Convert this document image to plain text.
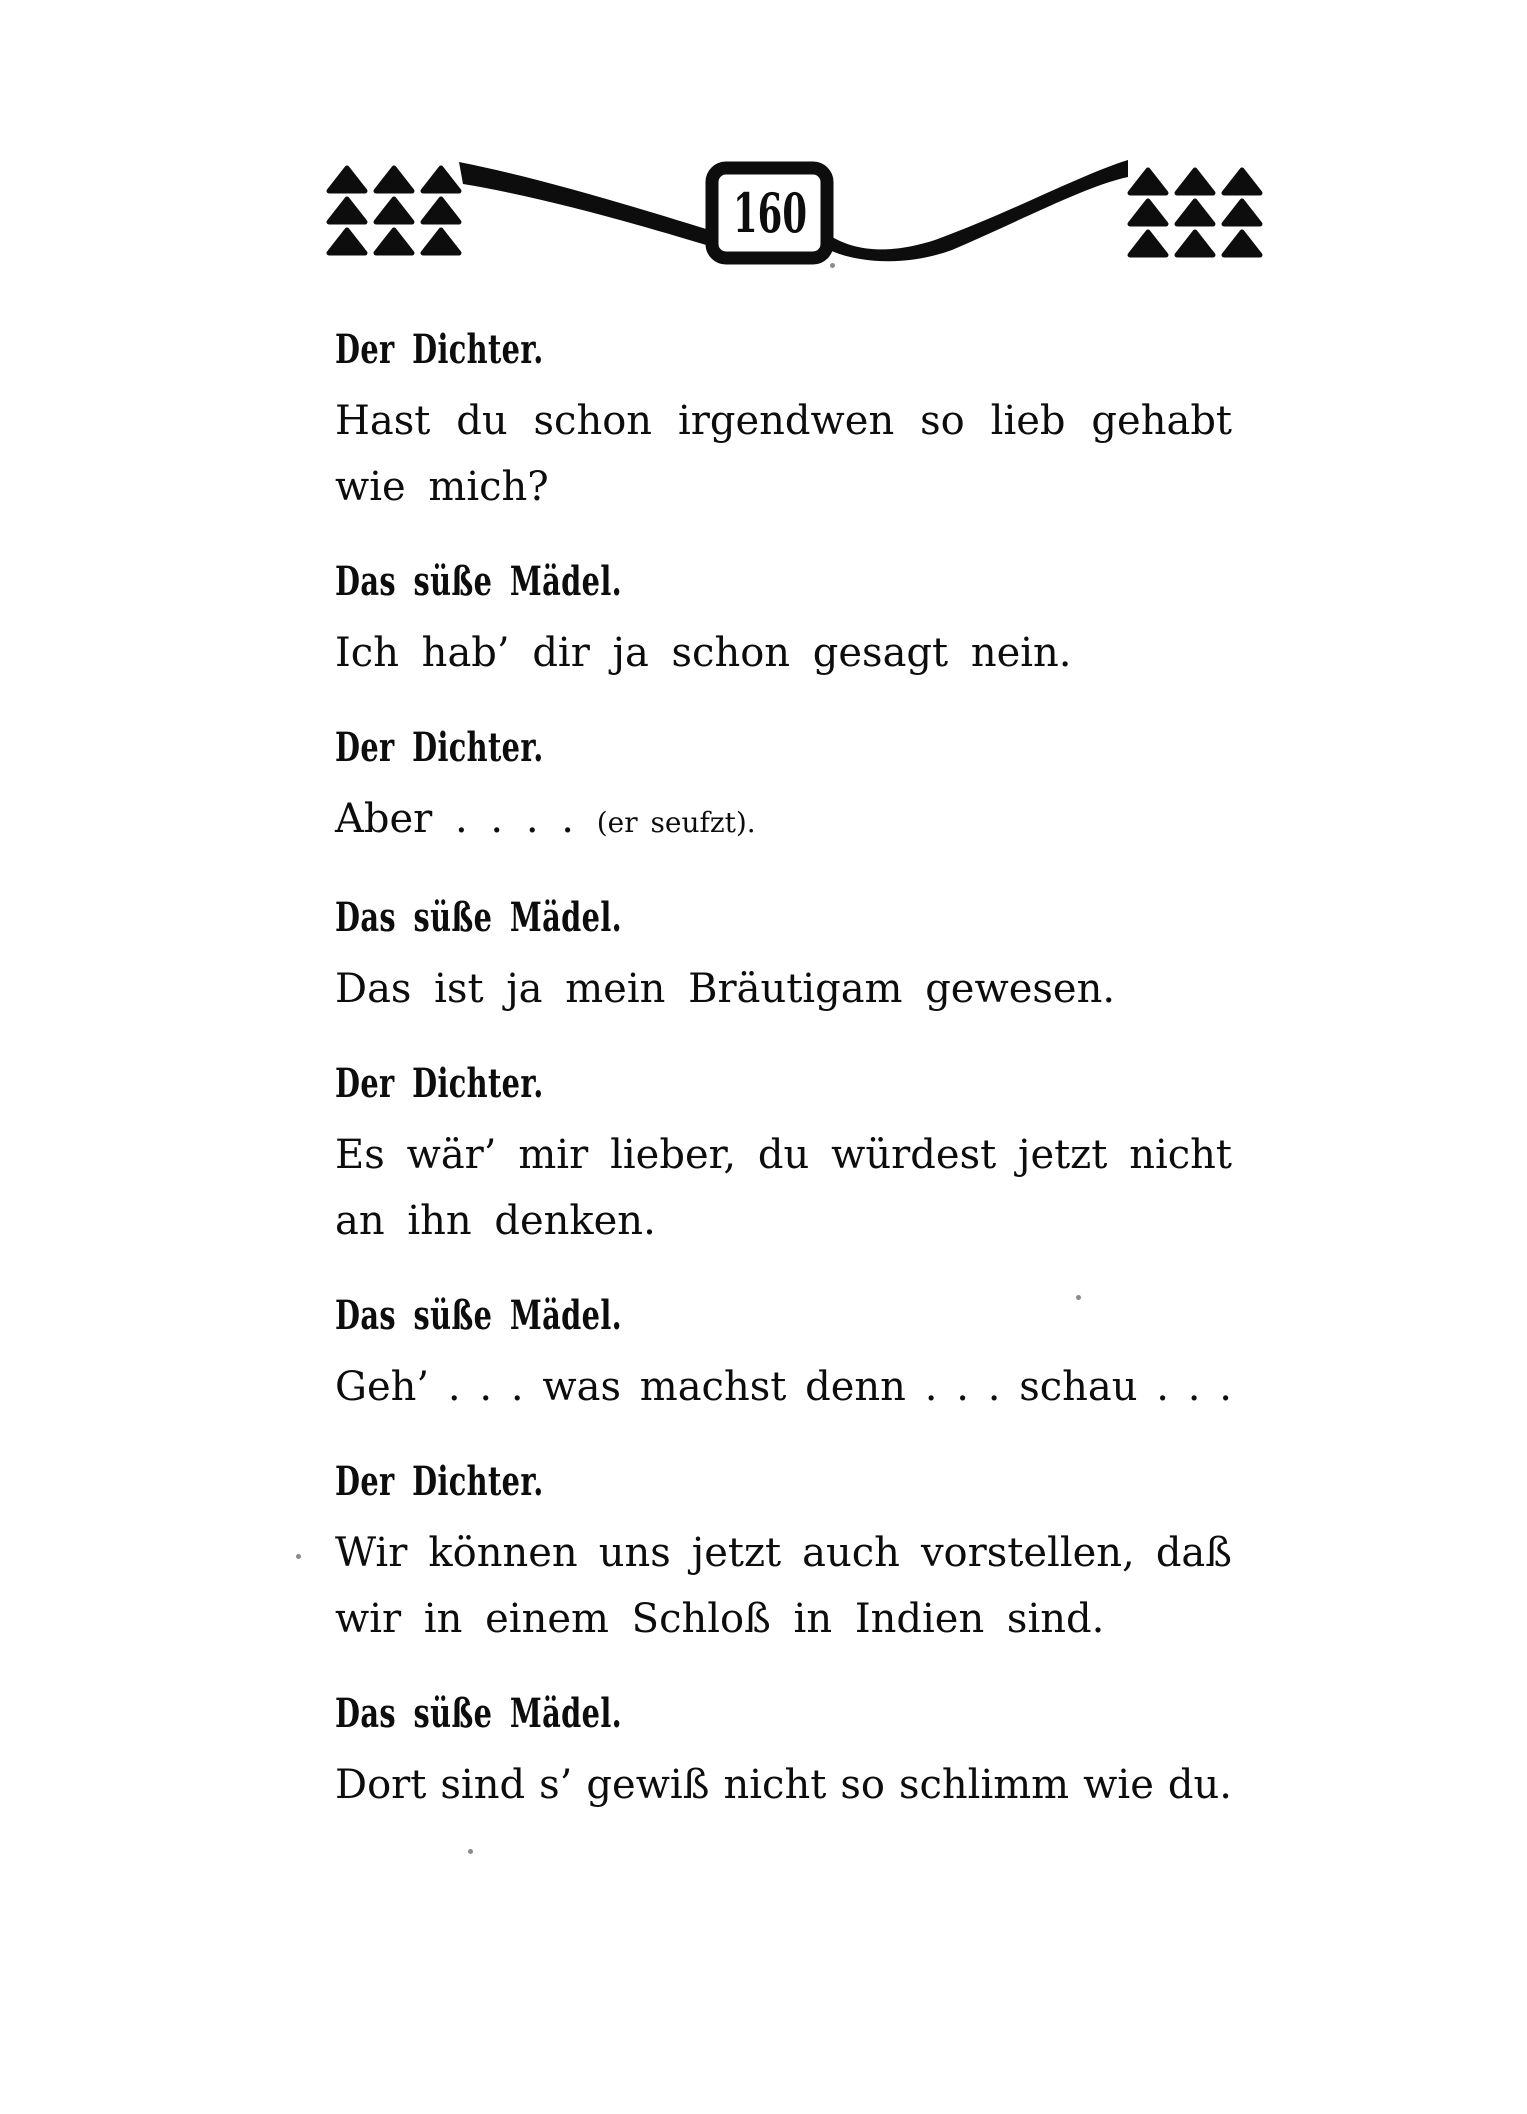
160
Der Dichter.

Hast du schon irgendwen so lieb gehabt

wie mich?

Das süße Mädel.

Ich hab’ dir ja schon gesagt nein.

Der Dichter.

Aber . . . . (er seufzt).

Das süße Mädel.

Das ist ja mein Bräutigam gewesen.

Der Dichter.

Es wär’ mir lieber, du würdest jetzt nicht

an ihn denken.

Das süße Mädel.

Geh’ . . . was machst denn . . . schau . . .

Der Dichter.

Wir können uns jetzt auch vorstellen, daß

wir in einem Schloß in Indien sind.

Das süße Mädel.

Dort sind s’ gewiß nicht so schlimm wie du.
